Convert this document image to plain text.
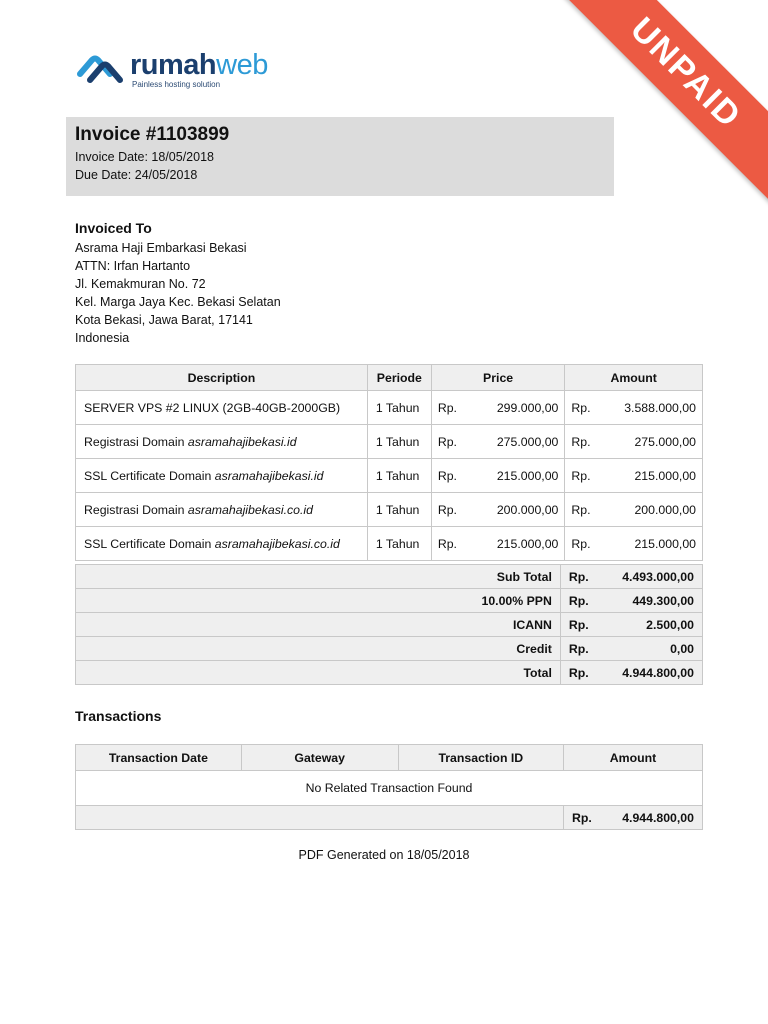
rumahweb
Painless hosting solution	UNPAID
Invoice #1103899
Invoice Date: 18/05/2018
Due Date: 24/05/2018
Invoiced To
Asrama Haji Embarkasi Bekasi
ATTN: Irfan Hartanto
Jl. Kemakmuran No. 72
Kel. Marga Jaya Kec. Bekasi Selatan
Kota Bekasi, Jawa Barat, 17141
Indonesia
Description	Periode	Price	Amount
SERVER VPS #2 LINUX (2GB-40GB-2000GB)	1 Tahun	Rp. 299.000,00	Rp. 3.588.000,00

Registrasi Domain asramahajibekasi.id	1 Tahun	Rp. 275.000,00	Rp. 275.000,00

SSL Certificate Domain asramahajibekasi.id	1 Tahun	Rp. 215.000,00	Rp. 215.000,00

Registrasi Domain asramahajibekasi.co.id	1 Tahun	Rp. 200.000,00	Rp. 200.000,00

SSL Certificate Domain asramahajibekasi.co.id	1 Tahun	Rp. 215.000,00	Rp. 215.000,00
Sub Total	Rp.	4.493.000,00
10.00% PPN	Rp.	449.300,00
ICANN	Rp.	2.500,00
Credit	Rp.	0,00
Total	Rp.	4.944.800,00
Transactions
Transaction Date	Gateway	Transaction ID	Amount	
No Related Transaction Found				
			Rp.	4.944.800,00
PDF Generated on 18/05/2018
